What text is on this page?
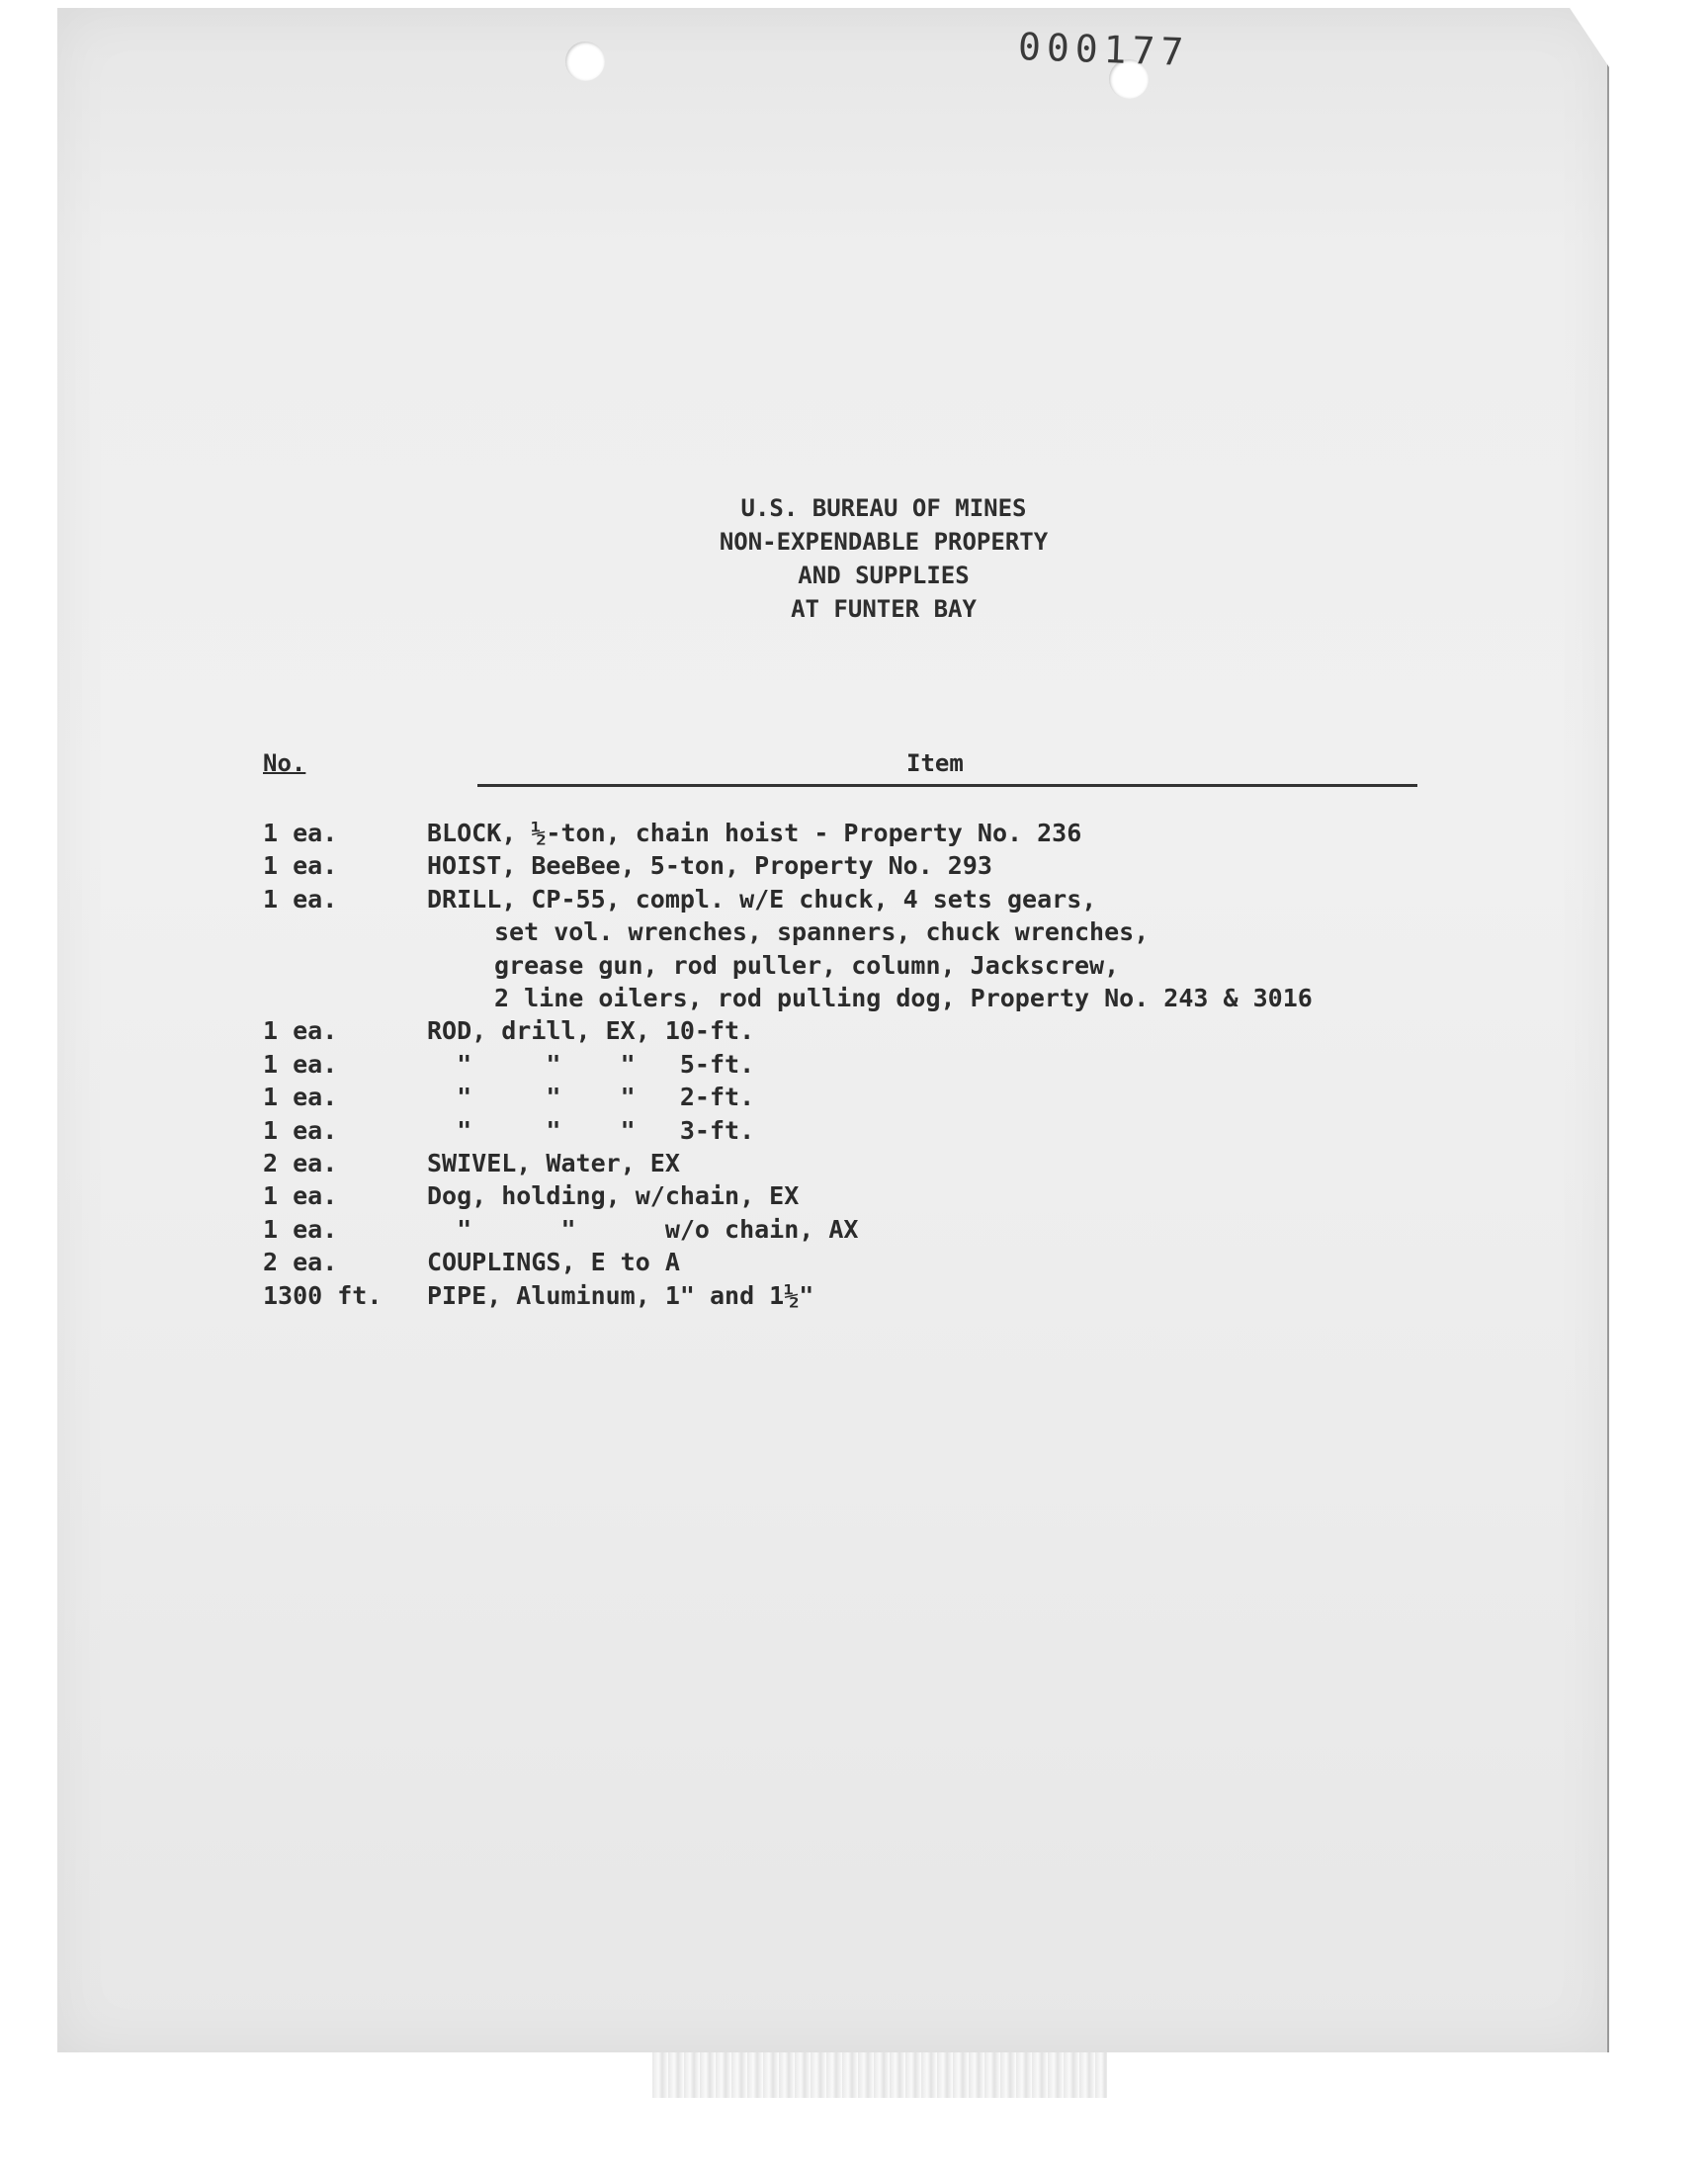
000177
U.S. BUREAU OF MINES
NON-EXPENDABLE PROPERTY
AND SUPPLIES
AT FUNTER BAY
No.	Item
1 ea.	BLOCK, ½-ton, chain hoist - Property No. 236
1 ea.	HOIST, BeeBee, 5-ton, Property No. 293
1 ea.	DRILL, CP-55, compl. w/E chuck, 4 sets gears,
set vol. wrenches, spanners, chuck wrenches,
grease gun, rod puller, column, Jackscrew,
2 line oilers, rod pulling dog, Property No. 243 & 3016
1 ea.	ROD, drill, EX, 10-ft.
1 ea.	"     "    "   5-ft.
1 ea.	"     "    "   2-ft.
1 ea.	"     "    "   3-ft.
2 ea.	SWIVEL, Water, EX
1 ea.	Dog, holding, w/chain, EX
1 ea.	"      "      w/o chain, AX
2 ea.	COUPLINGS, E to A
1300 ft.	PIPE, Aluminum, 1" and 1½"
